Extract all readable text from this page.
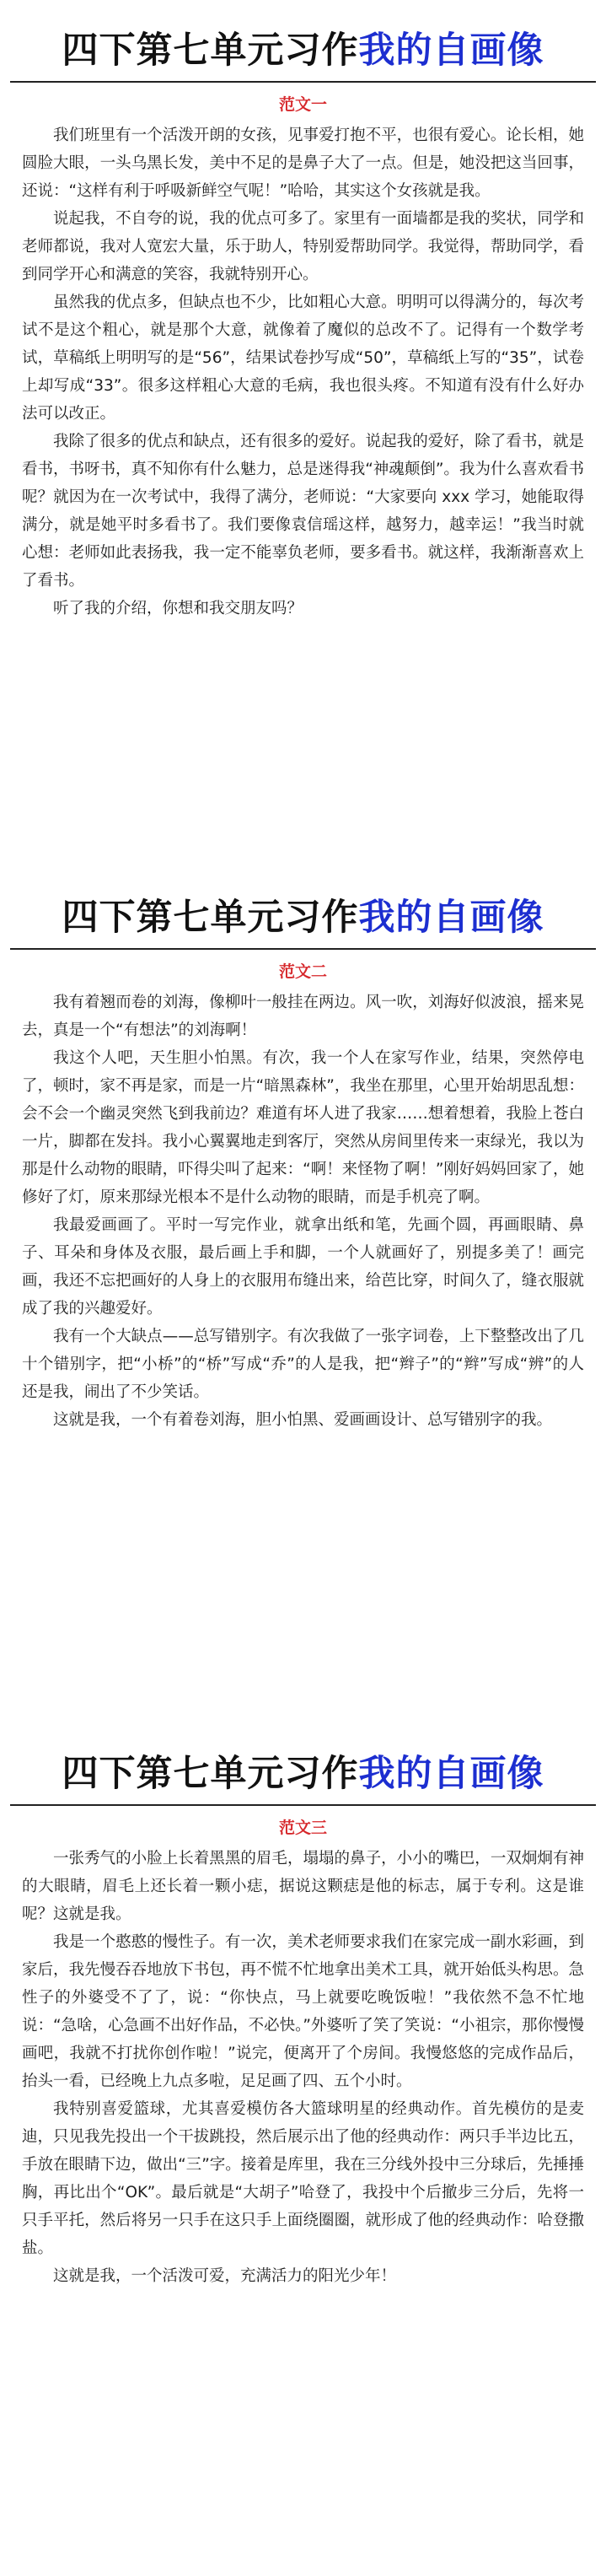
四下第七单元习作我的自画像
范文一

我们班里有一个活泼开朗的女孩，见事爱打抱不平，也很有爱心。论长相，她圆脸大眼，一头乌黑长发，美中不足的是鼻子大了一点。但是，她没把这当回事，还说：“这样有利于呼吸新鲜空气呢！”哈哈，其实这个女孩就是我。

说起我，不自夸的说，我的优点可多了。家里有一面墙都是我的奖状，同学和老师都说，我对人宽宏大量，乐于助人，特别爱帮助同学。我觉得，帮助同学，看到同学开心和满意的笑容，我就特别开心。

虽然我的优点多，但缺点也不少，比如粗心大意。明明可以得满分的，每次考试不是这个粗心，就是那个大意，就像着了魔似的总改不了。记得有一个数学考试，草稿纸上明明写的是“56”，结果试卷抄写成“50”，草稿纸上写的“35”，试卷上却写成“33”。很多这样粗心大意的毛病，我也很头疼。不知道有没有什么好办法可以改正。

我除了很多的优点和缺点，还有很多的爱好。说起我的爱好，除了看书，就是看书，书呀书，真不知你有什么魅力，总是迷得我“神魂颠倒”。我为什么喜欢看书呢？就因为在一次考试中，我得了满分，老师说：“大家要向 xxx 学习，她能取得满分，就是她平时多看书了。我们要像袁信瑶这样，越努力，越幸运！”我当时就心想：老师如此表扬我，我一定不能辜负老师，要多看书。就这样，我渐渐喜欢上了看书。

听了我的介绍，你想和我交朋友吗？

四下第七单元习作我的自画像
范文二

我有着翘而卷的刘海，像柳叶一般挂在两边。风一吹，刘海好似波浪，摇来晃去，真是一个“有想法”的刘海啊！

我这个人吧，天生胆小怕黑。有次，我一个人在家写作业，结果，突然停电了，顿时，家不再是家，而是一片“暗黑森林”，我坐在那里，心里开始胡思乱想：会不会一个幽灵突然飞到我前边？难道有坏人进了我家……想着想着，我脸上苍白一片，脚都在发抖。我小心翼翼地走到客厅，突然从房间里传来一束绿光，我以为那是什么动物的眼睛，吓得尖叫了起来：“啊！来怪物了啊！”刚好妈妈回家了，她修好了灯，原来那绿光根本不是什么动物的眼睛，而是手机亮了啊。

我最爱画画了。平时一写完作业，就拿出纸和笔，先画个圆，再画眼睛、鼻子、耳朵和身体及衣服，最后画上手和脚，一个人就画好了，别提多美了！画完画，我还不忘把画好的人身上的衣服用布缝出来，给芭比穿，时间久了，缝衣服就成了我的兴趣爱好。

我有一个大缺点——总写错别字。有次我做了一张字词卷，上下整整改出了几十个错别字，把“小桥”的“桥”写成“乔”的人是我，把“辫子”的“辫”写成“辨”的人还是我，闹出了不少笑话。

这就是我，一个有着卷刘海，胆小怕黑、爱画画设计、总写错别字的我。

四下第七单元习作我的自画像
范文三

一张秀气的小脸上长着黑黑的眉毛，塌塌的鼻子，小小的嘴巴，一双炯炯有神的大眼睛，眉毛上还长着一颗小痣，据说这颗痣是他的标志，属于专利。这是谁呢？这就是我。

我是一个憨憨的慢性子。有一次，美术老师要求我们在家完成一副水彩画，到家后，我先慢吞吞地放下书包，再不慌不忙地拿出美术工具，就开始低头构思。急性子的外婆受不了了，说：“你快点，马上就要吃晚饭啦！”我依然不急不忙地说：“急啥，心急画不出好作品，不必快。”外婆听了笑了笑说：“小祖宗，那你慢慢画吧，我就不打扰你创作啦！”说完，便离开了个房间。我慢悠悠的完成作品后，抬头一看，已经晚上九点多啦，足足画了四、五个小时。

我特别喜爱篮球，尤其喜爱模仿各大篮球明星的经典动作。首先模仿的是麦迪，只见我先投出一个干拔跳投，然后展示出了他的经典动作：两只手半边比五，手放在眼睛下边，做出“三”字。接着是库里，我在三分线外投中三分球后，先捶捶胸，再比出个“OK”。最后就是“大胡子”哈登了，我投中个后撤步三分后，先将一只手平托，然后将另一只手在这只手上面绕圈圈，就形成了他的经典动作：哈登撒盐。

这就是我，一个活泼可爱，充满活力的阳光少年！
